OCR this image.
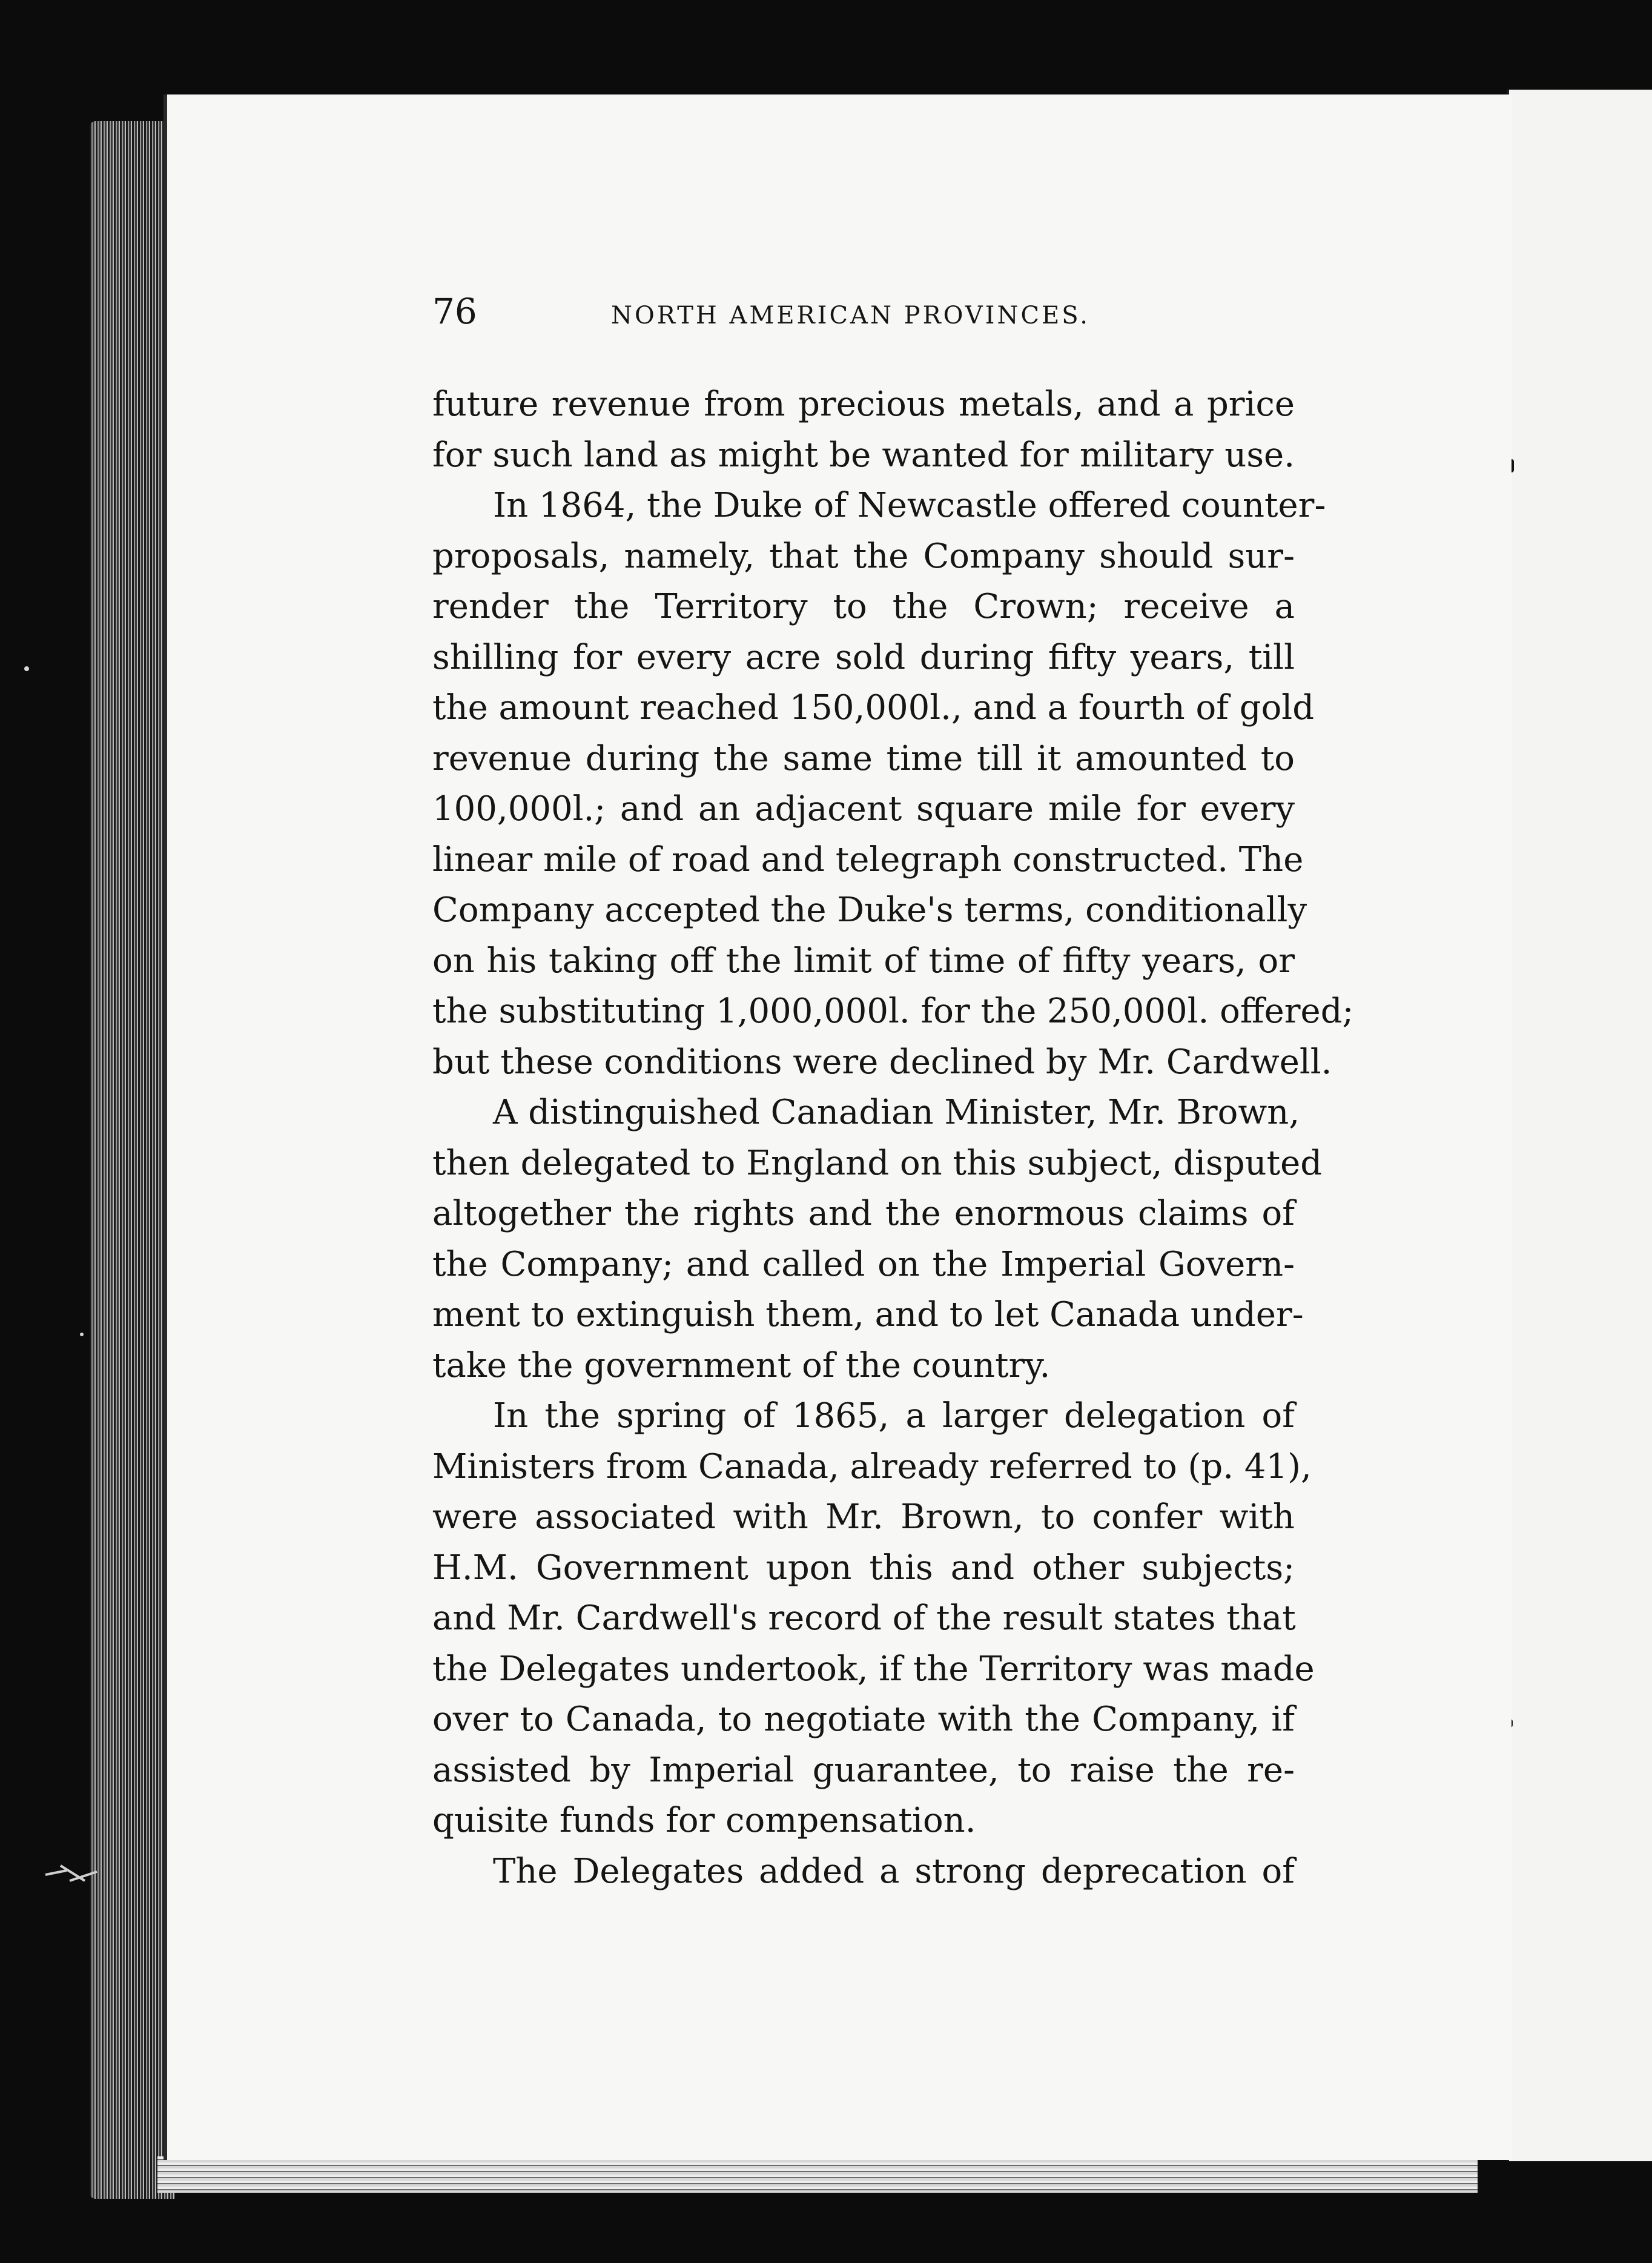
76	NORTH AMERICAN PROVINCES.
future revenue from precious metals, and a price
for such land as might be wanted for military use.
In 1864, the Duke of Newcastle offered counter-
proposals, namely, that the Company should sur-
render the Territory to the Crown; receive a
shilling for every acre sold during fifty years, till
the amount reached 150,000l., and a fourth of gold
revenue during the same time till it amounted to
100,000l.; and an adjacent square mile for every
linear mile of road and telegraph constructed. The
Company accepted the Duke's terms, conditionally
on his taking off the limit of time of fifty years, or
the substituting 1,000,000l. for the 250,000l. offered;
but these conditions were declined by Mr. Cardwell.
A distinguished Canadian Minister, Mr. Brown,
then delegated to England on this subject, disputed
altogether the rights and the enormous claims of
the Company; and called on the Imperial Govern-
ment to extinguish them, and to let Canada under-
take the government of the country.
In the spring of 1865, a larger delegation of
Ministers from Canada, already referred to (p. 41),
were associated with Mr. Brown, to confer with
H.M. Government upon this and other subjects;
and Mr. Cardwell's record of the result states that
the Delegates undertook, if the Territory was made
over to Canada, to negotiate with the Company, if
assisted by Imperial guarantee, to raise the re-
quisite funds for compensation.
The Delegates added a strong deprecation of
